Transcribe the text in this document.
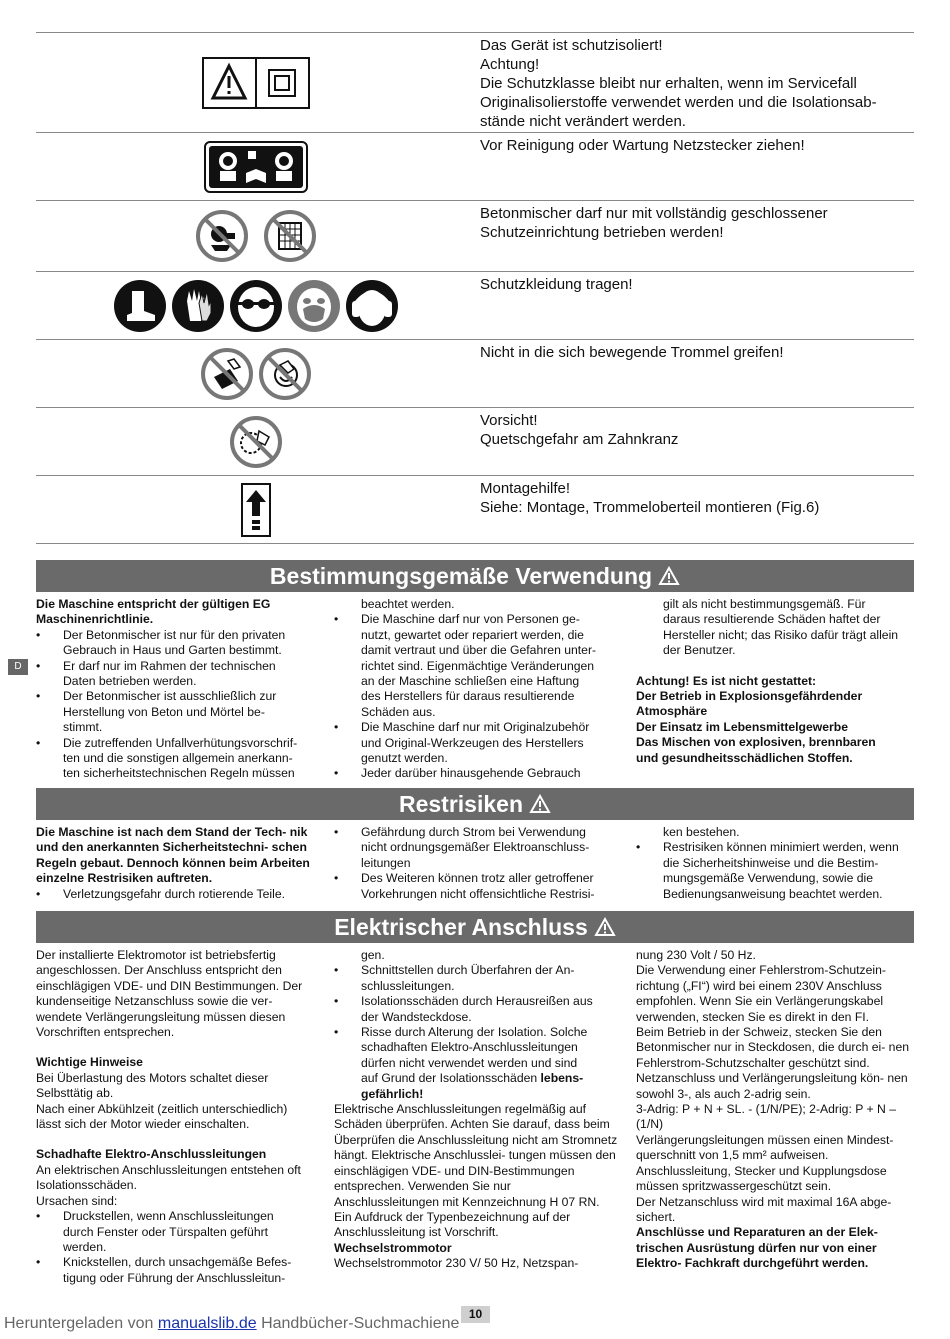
Das Gerät ist schutzisoliert!
Achtung!
Die Schutzklasse bleibt nur erhalten, wenn im Servicefall
Originalisolierstoffe verwendet werden und die Isolationsab-
stände nicht verändert werden.
Vor Reinigung oder Wartung Netzstecker ziehen!
Betonmischer darf nur mit vollständig geschlossener
Schutzeinrichtung betrieben werden!
Schutzkleidung tragen!
Nicht in die sich bewegende Trommel greifen!
Vorsicht!
Quetschgefahr am Zahnkranz
Montagehilfe!
Siehe: Montage, Trommeloberteil montieren (Fig.6)
Bestimmungsgemäße Verwendung
D
Die Maschine entspricht der gültigen EG Maschinenrichtlinie.
• Der Betonmischer ist nur für den privaten
Gebrauch in Haus und Garten bestimmt.
• Er darf nur im Rahmen der technischen
Daten betrieben werden.
• Der Betonmischer ist ausschließlich zur
Herstellung von Beton und Mörtel be-
stimmt.
• Die zutreffenden Unfallverhütungsvorschrif-
ten und die sonstigen allgemein anerkann-
ten sicherheitstechnischen Regeln müssen
beachtet werden.
• Die Maschine darf nur von Personen ge-
nutzt, gewartet oder repariert werden, die
damit vertraut und über die Gefahren unter-
richtet sind. Eigenmächtige Veränderungen
an der Maschine schließen eine Haftung
des Herstellers für daraus resultierende
Schäden aus.
• Die Maschine darf nur mit Originalzubehör
und Original-Werkzeugen des Herstellers
genutzt werden.
• Jeder darüber hinausgehende Gebrauch
gilt als nicht bestimmungsgemäß. Für
daraus resultierende Schäden haftet der
Hersteller nicht; das Risiko dafür trägt allein
der Benutzer.
Achtung! Es ist nicht gestattet:
Der Betrieb in Explosionsgefährdender
Atmosphäre
Der Einsatz im Lebensmittelgewerbe
Das Mischen von explosiven, brennbaren
und gesundheitsschädlichen Stoffen.
Restrisiken
Die Maschine ist nach dem Stand der Tech- nik und den anerkannten Sicherheitstechni- schen Regeln gebaut. Dennoch können beim Arbeiten einzelne Restrisiken auftreten.
• Verletzungsgefahr durch rotierende Teile.
• Gefährdung durch Strom bei Verwendung
nicht ordnungsgemäßer Elektroanschluss-
leitungen
• Des Weiteren können trotz aller getroffener
Vorkehrungen nicht offensichtliche Restrisi-
ken bestehen.
• Restrisiken können minimiert werden, wenn
die Sicherheitshinweise und die Bestim-
mungsgemäße Verwendung, sowie die
Bedienungsanweisung beachtet werden.
Elektrischer Anschluss
Der installierte Elektromotor ist betriebsfertig angeschlossen. Der Anschluss entspricht den einschlägigen VDE- und DIN Bestimmungen. Der kundenseitige Netzanschluss sowie die ver- wendete Verlängerungsleitung müssen diesen Vorschriften entsprechen.
Wichtige Hinweise
Bei Überlastung des Motors schaltet dieser Selbsttätig ab.
Nach einer Abkühlzeit (zeitlich unterschiedlich) lässt sich der Motor wieder einschalten.
Schadhafte Elektro-Anschlussleitungen
An elektrischen Anschlussleitungen entstehen oft Isolationsschäden.
Ursachen sind:
• Druckstellen, wenn Anschlussleitungen
durch Fenster oder Türspalten geführt
werden.
• Knickstellen, durch unsachgemäße Befes-
tigung oder Führung der Anschlussleitun-
gen.
• Schnittstellen durch Überfahren der An-
schlussleitungen.
• Isolationsschäden durch Herausreißen aus
der Wandsteckdose.
• Risse durch Alterung der Isolation. Solche
schadhaften Elektro-Anschlussleitungen
dürfen nicht verwendet werden und sind
auf Grund der Isolationsschäden lebens-
gefährlich!
Elektrische Anschlussleitungen regelmäßig auf Schäden überprüfen. Achten Sie darauf, dass beim Überprüfen die Anschlussleitung nicht am Stromnetz hängt. Elektrische Anschlusslei- tungen müssen den einschlägigen VDE- und DIN-Bestimmungen entsprechen. Verwenden Sie nur Anschlussleitungen mit Kennzeichnung H 07 RN.
Ein Aufdruck der Typenbezeichnung auf der Anschlussleitung ist Vorschrift.
Wechselstrommotor
Wechselstrommotor 230 V/ 50 Hz, Netzspan-
nung 230 Volt / 50 Hz.
Die Verwendung einer Fehlerstrom-Schutzein- richtung („FI“) wird bei einem 230V Anschluss empfohlen. Wenn Sie ein Verlängerungskabel verwenden, stecken Sie es direkt in den FI.
Beim Betrieb in der Schweiz, stecken Sie den Betonmischer nur in Steckdosen, die durch ei- nen Fehlerstrom-Schutzschalter geschützt sind.
Netzanschluss und Verlängerungsleitung kön- nen sowohl 3-, als auch 2-adrig sein.
3-Adrig: P + N + SL. - (1/N/PE); 2-Adrig: P + N – (1/N)
Verlängerungsleitungen müssen einen Mindest- querschnitt von 1,5 mm² aufweisen.
Anschlussleitung, Stecker und Kupplungsdose müssen spritzwassergeschützt sein.
Der Netzanschluss wird mit maximal 16A abge- sichert.
Anschlüsse und Reparaturen an der Elek- trischen Ausrüstung dürfen nur von einer Elektro- Fachkraft durchgeführt werden.
Heruntergeladen von manualslib.de Handbücher-Suchmachiene
10
